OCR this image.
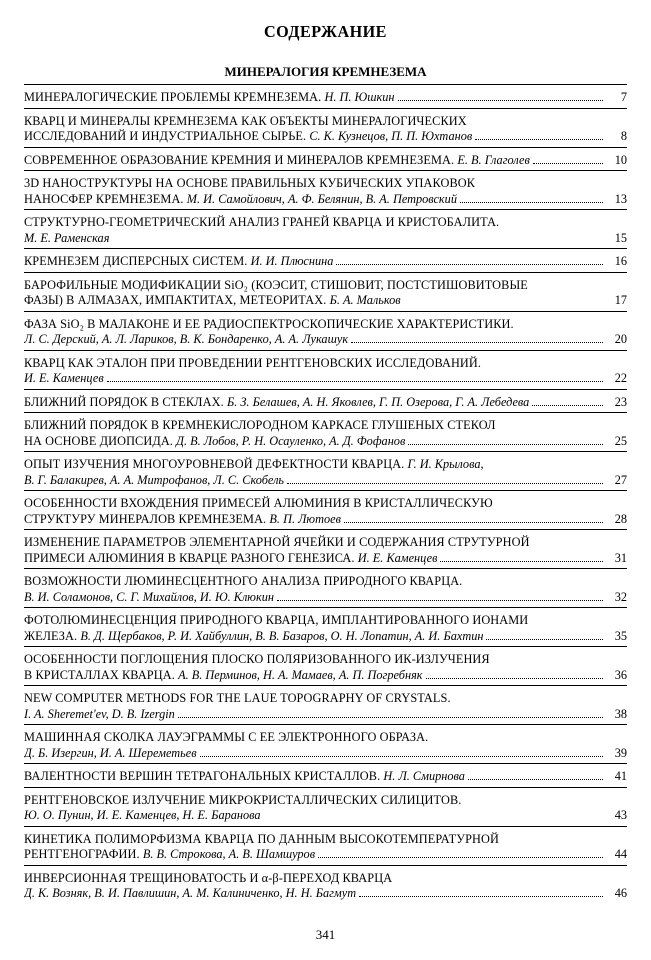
СОДЕРЖАНИЕ
МИНЕРАЛОГИЯ КРЕМНЕЗЕМА
МИНЕРАЛОГИЧЕСКИЕ ПРОБЛЕМЫ КРЕМНЕЗЕМА. Н. П. Юшкин	7
КВАРЦ И МИНЕРАЛЫ КРЕМНЕЗЕМА КАК ОБЪЕКТЫ МИНЕРАЛОГИЧЕСКИХ
ИССЛЕДОВАНИЙ И ИНДУСТРИАЛЬНОЕ СЫРЬЕ. С. К. Кузнецов, П. П. Юхтанов	8
СОВРЕМЕННОЕ ОБРАЗОВАНИЕ КРЕМНИЯ И МИНЕРАЛОВ КРЕМНЕЗЕМА. Е. В. Глаголев	10
3D НАНОСТРУКТУРЫ НА ОСНОВЕ ПРАВИЛЬНЫХ КУБИЧЕСКИХ УПАКОВОК
НАНОСФЕР КРЕМНЕЗЕМА. М. И. Самойлович, А. Ф. Белянин, В. А. Петровский	13
СТРУКТУРНО-ГЕОМЕТРИЧЕСКИЙ АНАЛИЗ ГРАНЕЙ КВАРЦА И КРИСТОБАЛИТА.
М. Е. Раменская	15
КРЕМНЕЗЕМ ДИСПЕРСНЫХ СИСТЕМ. И. И. Плюснина	16
БАРОФИЛЬНЫЕ МОДИФИКАЦИИ SiO₂ (КОЭСИТ, СТИШОВИТ, ПОСТСТИШОВИТОВЫЕ
ФАЗЫ) В АЛМАЗАХ, ИМПАКТИТАХ, МЕТЕОРИТАХ. Б. А. Мальков	17
ФАЗА SiO₂ В МАЛАКОНЕ И ЕЕ РАДИОСПЕКТРОСКОПИЧЕСКИЕ ХАРАКТЕРИСТИКИ.
Л. С. Дерский, А. Л. Лариков, В. К. Бондаренко, А. А. Лукашук	20
КВАРЦ КАК ЭТАЛОН ПРИ ПРОВЕДЕНИИ РЕНТГЕНОВСКИХ ИССЛЕДОВАНИЙ.
И. Е. Каменцев	22
БЛИЖНИЙ ПОРЯДОК В СТЕКЛАХ. Б. З. Белашев, А. Н. Яковлев, Г. П. Озерова, Г. А. Лебедева	23
БЛИЖНИЙ ПОРЯДОК В КРЕМНЕКИСЛОРОДНОМ КАРКАСЕ ГЛУШЕНЫХ СТЕКОЛ
НА ОСНОВЕ ДИОПСИДА. Д. В. Лобов, Р. Н. Осауленко, А. Д. Фофанов	25
ОПЫТ ИЗУЧЕНИЯ МНОГОУРОВНЕВОЙ ДЕФЕКТНОСТИ КВАРЦА. Г. И. Крылова,
В. Г. Балакирев, А. А. Митрофанов, Л. С. Скобель	27
ОСОБЕННОСТИ ВХОЖДЕНИЯ ПРИМЕСЕЙ АЛЮМИНИЯ В КРИСТАЛЛИЧЕСКУЮ
СТРУКТУРУ МИНЕРАЛОВ КРЕМНЕЗЕМА. В. П. Лютоев	28
ИЗМЕНЕНИЕ ПАРАМЕТРОВ ЭЛЕМЕНТАРНОЙ ЯЧЕЙКИ И СОДЕРЖАНИЯ СТРУТУРНОЙ
ПРИМЕСИ АЛЮМИНИЯ В КВАРЦЕ РАЗНОГО ГЕНЕЗИСА. И. Е. Каменцев	31
ВОЗМОЖНОСТИ ЛЮМИНЕСЦЕНТНОГО АНАЛИЗА ПРИРОДНОГО КВАРЦА.
В. И. Соламонов, С. Г. Михайлов, И. Ю. Клюкин	32
ФОТОЛЮМИНЕСЦЕНЦИЯ ПРИРОДНОГО КВАРЦА, ИМПЛАНТИРОВАННОГО ИОНАМИ
ЖЕЛЕЗА. В. Д. Щербаков, Р. И. Хайбуллин, В. В. Базаров, О. Н. Лопатин, А. И. Бахтин	35
ОСОБЕННОСТИ ПОГЛОЩЕНИЯ ПЛОСКО ПОЛЯРИЗОВАННОГО ИК-ИЗЛУЧЕНИЯ
В КРИСТАЛЛАХ КВАРЦА. А. В. Перминов, Н. А. Мамаев, А. П. Погребняк	36
NEW COMPUTER METHODS FOR THE LAUE TOPOGRAPHY OF CRYSTALS.
I. A. Sheremet'ev, D. B. Izergin	38
МАШИННАЯ СКОЛКА ЛАУЭГРАММЫ С ЕЕ ЭЛЕКТРОННОГО ОБРАЗА.
Д. Б. Изергин, И. А. Шереметьев	39
ВАЛЕНТНОСТИ ВЕРШИН ТЕТРАГОНАЛЬНЫХ КРИСТАЛЛОВ. Н. Л. Смирнова	41
РЕНТГЕНОВСКОЕ ИЗЛУЧЕНИЕ МИКРОКРИСТАЛЛИЧЕСКИХ СИЛИЦИТОВ.
Ю. О. Пунин, И. Е. Каменцев, Н. Е. Баранова	43
КИНЕТИКА ПОЛИМОРФИЗМА КВАРЦА ПО ДАННЫМ ВЫСОКОТЕМПЕРАТУРНОЙ
РЕНТГЕНОГРАФИИ. В. В. Строкова, А. В. Шамшуров	44
ИНВЕРСИОННАЯ ТРЕЩИНОВАТОСТЬ И α-β-ПЕРЕХОД КВАРЦА
Д. К. Возняк, В. И. Павлишин, А. М. Калиниченко, Н. Н. Багмут	46
341
